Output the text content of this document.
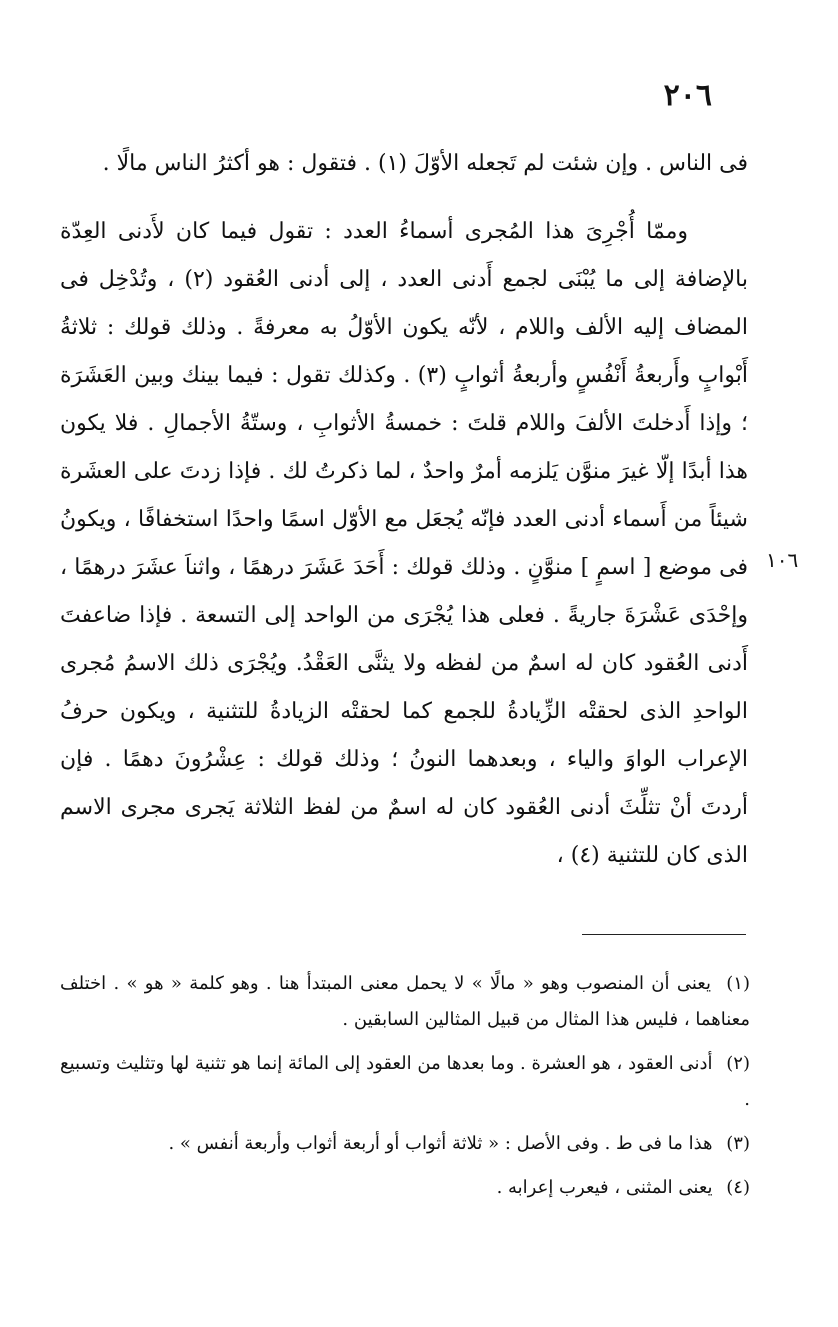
٢٠٦

فى الناس . وإن شئت لم تَجعله الأوّلَ (١) . فتقول : هو أكثرُ الناس مالًا .

وممّا أُجْرِىَ هذا المُجرى أسماءُ العدد : تقول فيما كان لأَدنى العِدّة بالإضافة إلى ما يُبْنَى لجمع أَدنى العدد ، إلى أدنى العُقود (٢) ، وتُدْخِل فى المضاف إليه الألف واللام ، لأنّه يكون الأوّلُ به معرفةً . وذلك قولك : ثلاثةُ أَبْوابٍ وأَربعةُ أَنْفُسٍ وأربعةُ أثوابٍ (٣) . وكذلك تقول : فيما بينك وبين العَشَرَة ؛ وإذا أَدخلتَ الألفَ واللام قلتَ : خمسةُ الأثوابِ ، وستّةُ الأجمالِ . فلا يكون هذا أبدًا إلّا غيرَ منوَّن يَلزمه أمرٌ واحدٌ ، لما ذكرتُ لك . فإذا زدتَ على العشَرة شيئاً من أَسماء أدنى العدد فإنّه يُجعَل مع الأوّل اسمًا واحدًا استخفافًا ، ويكونُ فى موضع [ اسمٍ ] منوَّنٍ . وذلك قولك : أَحَدَ عَشَرَ درهمًا ، واثناَ عشَرَ درهمًا ، وإحْدَى عَشْرَةَ جاريةً . فعلى هذا يُجْرَى من الواحد إلى التسعة . فإذا ضاعفتَ أَدنى العُقود كان له اسمٌ من لفظه ولا يثنَّى العَقْدُ. ويُجْرَى ذلك الاسمُ مُجرى الواحدِ الذى لحقتْه الزِّيادةُ للجمع كما لحقتْه الزيادةُ للتثنية ، ويكون حرفُ الإعراب الواوَ والياء ، وبعدهما النونُ ؛ وذلك قولك : عِشْرُونَ دهمًا . فإن أردتَ أنْ تثلِّثَ أدنى العُقود كان له اسمٌ من لفظ الثلاثة يَجرى مجرى الاسم الذى كان للتثنية (٤) ،

١٠٦

(١) يعنى أن المنصوب وهو « مالًا » لا يحمل معنى المبتدأ هنا . وهو كلمة « هو » . اختلف معناهما ، فليس هذا المثال من قبيل المثالين السابقين .

(٢) أدنى العقود ، هو العشرة . وما بعدها من العقود إلى المائة إنما هو تثنية لها وتثليث وتسبيع .

(٣) هذا ما فى ط . وفى الأصل : « ثلاثة أثواب أو أربعة أثواب وأربعة أنفس » .

(٤) يعنى المثنى ، فيعرب إعرابه .
